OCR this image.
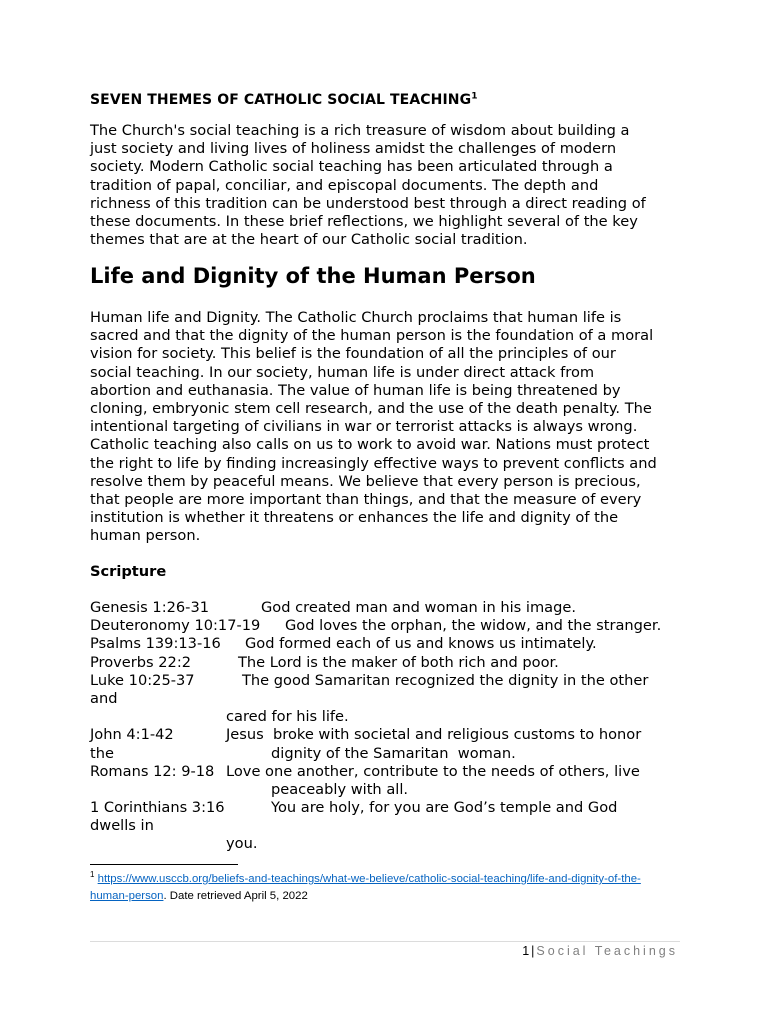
SEVEN THEMES OF CATHOLIC SOCIAL TEACHING$^1$
The Church's social teaching is a rich treasure of wisdom about building a
just society and living lives of holiness amidst the challenges of modern
society. Modern Catholic social teaching has been articulated through a
tradition of papal, conciliar, and episcopal documents. The depth and
richness of this tradition can be understood best through a direct reading of
these documents. In these brief reflections, we highlight several of the key
themes that are at the heart of our Catholic social tradition.
Life and Dignity of the Human Person
Human life and Dignity. The Catholic Church proclaims that human life is
sacred and that the dignity of the human person is the foundation of a moral
vision for society. This belief is the foundation of all the principles of our
social teaching. In our society, human life is under direct attack from
abortion and euthanasia. The value of human life is being threatened by
cloning, embryonic stem cell research, and the use of the death penalty. The
intentional targeting of civilians in war or terrorist attacks is always wrong.
Catholic teaching also calls on us to work to avoid war. Nations must protect
the right to life by finding increasingly effective ways to prevent conflicts and
resolve them by peaceful means. We believe that every person is precious,
that people are more important than things, and that the measure of every
institution is whether it threatens or enhances the life and dignity of the
human person.
Scripture
Genesis 1:26-31	God created man and woman in his image.
Deuteronomy 10:17-19 God loves the orphan, the widow, and the stranger.
Psalms 139:13-16 God formed each of us and knows us intimately.
Proverbs 22:2	The Lord is the maker of both rich and poor.
Luke 10:25-37	The good Samaritan recognized the dignity in the other
and
cared for his life.
John 4:1-42	Jesus  broke with societal and religious customs to honor
the	dignity of the Samaritan  woman.
Romans 12: 9-18 Love one another, contribute to the needs of others, live
peaceably with all.
1 Corinthians 3:16	You are holy, for you are God’s temple and God
dwells in
you.
$^1$ https://www.usccb.org/beliefs-and-teachings/what-we-believe/catholic-social-teaching/life-and-dignity-of-the-
human-person. Date retrieved April 5, 2022
1 | Social Teachings
